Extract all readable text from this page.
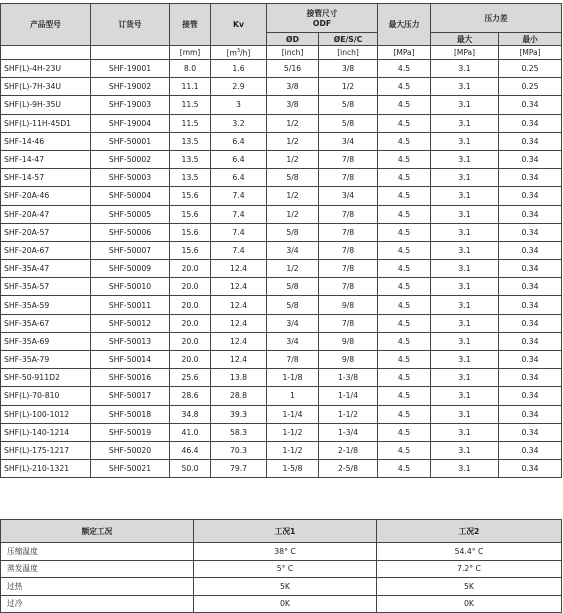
产品型号	订货号	接管	Kv	接管尺寸
ODF		最大压力	压力差	
				ØD	ØE/S/C		最大	最小
		[mm]	$[m^3/h]$	[inch]	[inch]	[MPa]	[MPa]	[MPa]
SHF(L)-4H-23U	SHF-19001	8.0	1.6	5/16	3/8	4.5	3.1	0.25
SHF(L)-7H-34U	SHF-19002	11.1	2.9	3/8	1/2	4.5	3.1	0.25
SHF(L)-9H-35U	SHF-19003	11.5	3	3/8	5/8	4.5	3.1	0.34
SHF(L)-11H-45D1	SHF-19004	11.5	3.2	1/2	5/8	4.5	3.1	0.34
SHF-14-46	SHF-50001	13.5	6.4	1/2	3/4	4.5	3.1	0.34
SHF-14-47	SHF-50002	13.5	6.4	1/2	7/8	4.5	3.1	0.34
SHF-14-57	SHF-50003	13.5	6.4	5/8	7/8	4.5	3.1	0.34
SHF-20A-46	SHF-50004	15.6	7.4	1/2	3/4	4.5	3.1	0.34
SHF-20A-47	SHF-50005	15.6	7.4	1/2	7/8	4.5	3.1	0.34
SHF-20A-57	SHF-50006	15.6	7.4	5/8	7/8	4.5	3.1	0.34
SHF-20A-67	SHF-50007	15.6	7.4	3/4	7/8	4.5	3.1	0.34
SHF-35A-47	SHF-50009	20.0	12.4	1/2	7/8	4.5	3.1	0.34
SHF-35A-57	SHF-50010	20.0	12.4	5/8	7/8	4.5	3.1	0.34
SHF-35A-59	SHF-50011	20.0	12.4	5/8	9/8	4.5	3.1	0.34
SHF-35A-67	SHF-50012	20.0	12.4	3/4	7/8	4.5	3.1	0.34
SHF-35A-69	SHF-50013	20.0	12.4	3/4	9/8	4.5	3.1	0.34
SHF-35A-79	SHF-50014	20.0	12.4	7/8	9/8	4.5	3.1	0.34
SHF-50-911D2	SHF-50016	25.6	13.8	1-1/8	1-3/8	4.5	3.1	0.34
SHF(L)-70-810	SHF-50017	28.6	28.8	1	1-1/4	4.5	3.1	0.34
SHF(L)-100-1012	SHF-50018	34.8	39.3	1-1/4	1-1/2	4.5	3.1	0.34
SHF(L)-140-1214	SHF-50019	41.0	58.3	1-1/2	1-3/4	4.5	3.1	0.34
SHF(L)-175-1217	SHF-50020	46.4	70.3	1-1/2	2-1/8	4.5	3.1	0.34
SHF(L)-210-1321	SHF-50021	50.0	79.7	1-5/8	2-5/8	4.5	3.1	0.34
额定工况	工况1	工况2
压缩温度	38° C	54.4° C
蒸发温度	5° C	7.2° C
过热	5K	5K
过冷	0K	0K
